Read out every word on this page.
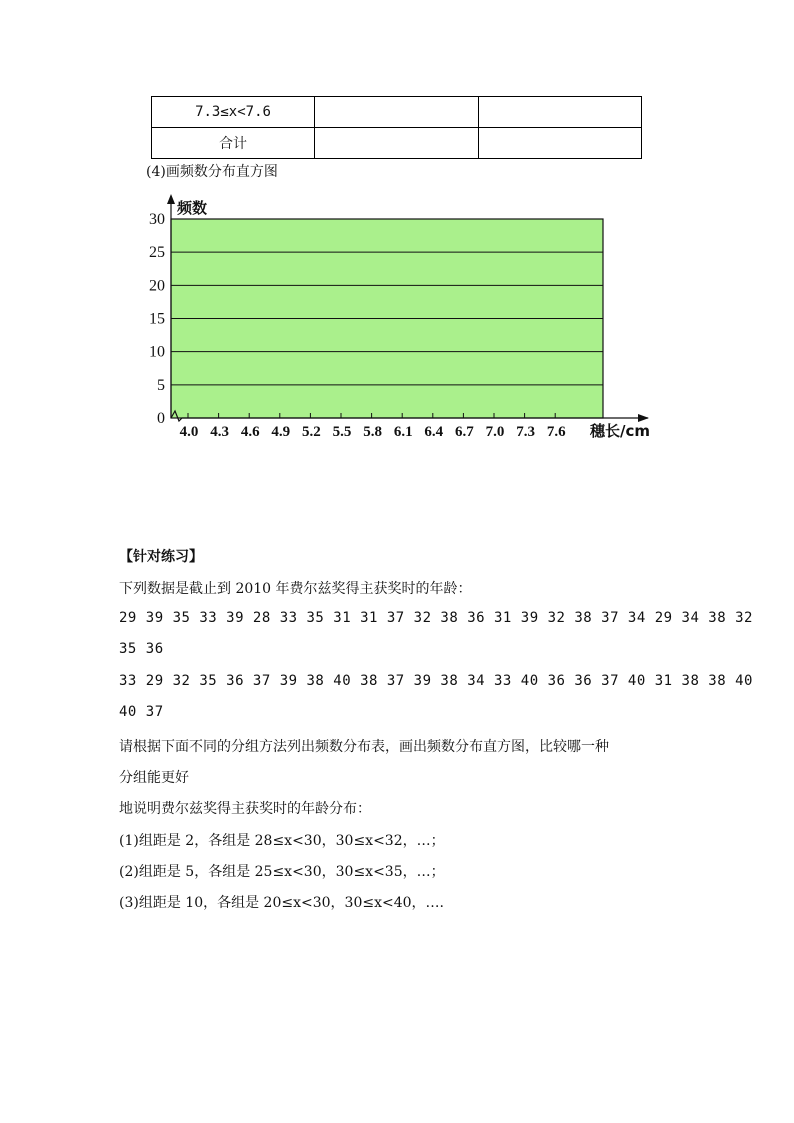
7.3≤x<7.6		
合计		
(4)画频数分布直方图
0
5
10
15
20
25
30
4.0 4.3 4.6 4.9 5.2 5.5 5.8 6.1 6.4 6.7 7.0 7.3 7.6
频数
穗长/cm
【针对练习】
下列数据是截止到 2010 年费尔兹奖得主获奖时的年龄：
29 39 35 33 39 28 33 35 31 31 37 32 38 36 31 39 32 38 37 34 29 34 38 32
35 36
33 29 32 35 36 37 39 38 40 38 37 39 38 34 33 40 36 36 37 40 31 38 38 40
40 37
请根据下面不同的分组方法列出频数分布表，画出频数分布直方图，比较哪一种
分组能更好
地说明费尔兹奖得主获奖时的年龄分布：
(1)组距是 2，各组是 28≤x<30，30≤x<32，…；
(2)组距是 5，各组是 25≤x<30，30≤x<35，…；
(3)组距是 10，各组是 20≤x<30，30≤x<40，….
